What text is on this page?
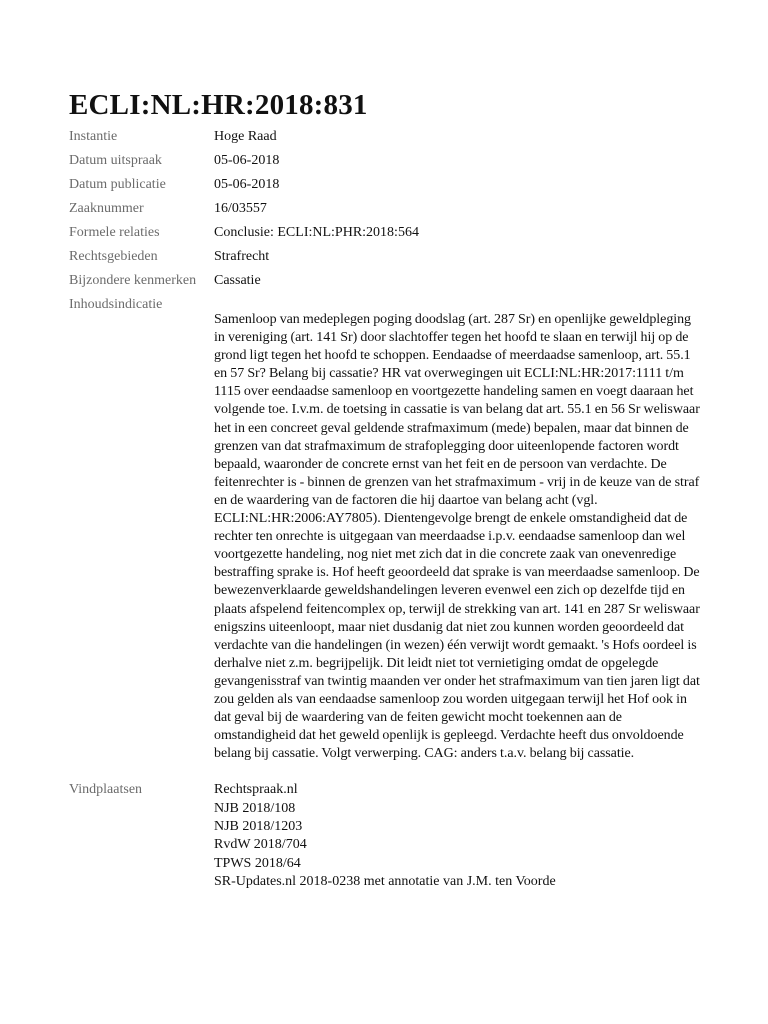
ECLI:NL:HR:2018:831
Instantie	Hoge Raad
Datum uitspraak	05-06-2018
Datum publicatie	05-06-2018
Zaaknummer	16/03557
Formele relaties	Conclusie: ECLI:NL:PHR:2018:564
Rechtsgebieden	Strafrecht
Bijzondere kenmerken	Cassatie
Inhoudsindicatie
Samenloop van medeplegen poging doodslag (art. 287 Sr) en openlijke geweldpleging in vereniging (art. 141 Sr) door slachtoffer tegen het hoofd te slaan en terwijl hij op de grond ligt tegen het hoofd te schoppen. Eendaadse of meerdaadse samenloop, art. 55.1 en 57 Sr? Belang bij cassatie? HR vat overwegingen uit ECLI:NL:HR:2017:1111 t/m 1115 over eendaadse samenloop en voortgezette handeling samen en voegt daaraan het volgende toe. I.v.m. de toetsing in cassatie is van belang dat art. 55.1 en 56 Sr weliswaar het in een concreet geval geldende strafmaximum (mede) bepalen, maar dat binnen de grenzen van dat strafmaximum de strafoplegging door uiteenlopende factoren wordt bepaald, waaronder de concrete ernst van het feit en de persoon van verdachte. De feitenrechter is - binnen de grenzen van het strafmaximum - vrij in de keuze van de straf en de waardering van de factoren die hij daartoe van belang acht (vgl. ECLI:NL:HR:2006:AY7805). Dientengevolge brengt de enkele omstandigheid dat de rechter ten onrechte is uitgegaan van meerdaadse i.p.v. eendaadse samenloop dan wel voortgezette handeling, nog niet met zich dat in die concrete zaak van onevenredige bestraffing sprake is. Hof heeft geoordeeld dat sprake is van meerdaadse samenloop. De bewezenverklaarde geweldshandelingen leveren evenwel een zich op dezelfde tijd en plaats afspelend feitencomplex op, terwijl de strekking van art. 141 en 287 Sr weliswaar enigszins uiteenloopt, maar niet dusdanig dat niet zou kunnen worden geoordeeld dat verdachte van die handelingen (in wezen) één verwijt wordt gemaakt. 's Hofs oordeel is derhalve niet z.m. begrijpelijk. Dit leidt niet tot vernietiging omdat de opgelegde gevangenisstraf van twintig maanden ver onder het strafmaximum van tien jaren ligt dat zou gelden als van eendaadse samenloop zou worden uitgegaan terwijl het Hof ook in dat geval bij de waardering van de feiten gewicht mocht toekennen aan de omstandigheid dat het geweld openlijk is gepleegd. Verdachte heeft dus onvoldoende belang bij cassatie. Volgt verwerping. CAG: anders t.a.v. belang bij cassatie.
Vindplaatsen	Rechtspraak.nl
NJB 2018/108
NJB 2018/1203
RvdW 2018/704
TPWS 2018/64
SR-Updates.nl 2018-0238 met annotatie van J.M. ten Voorde
